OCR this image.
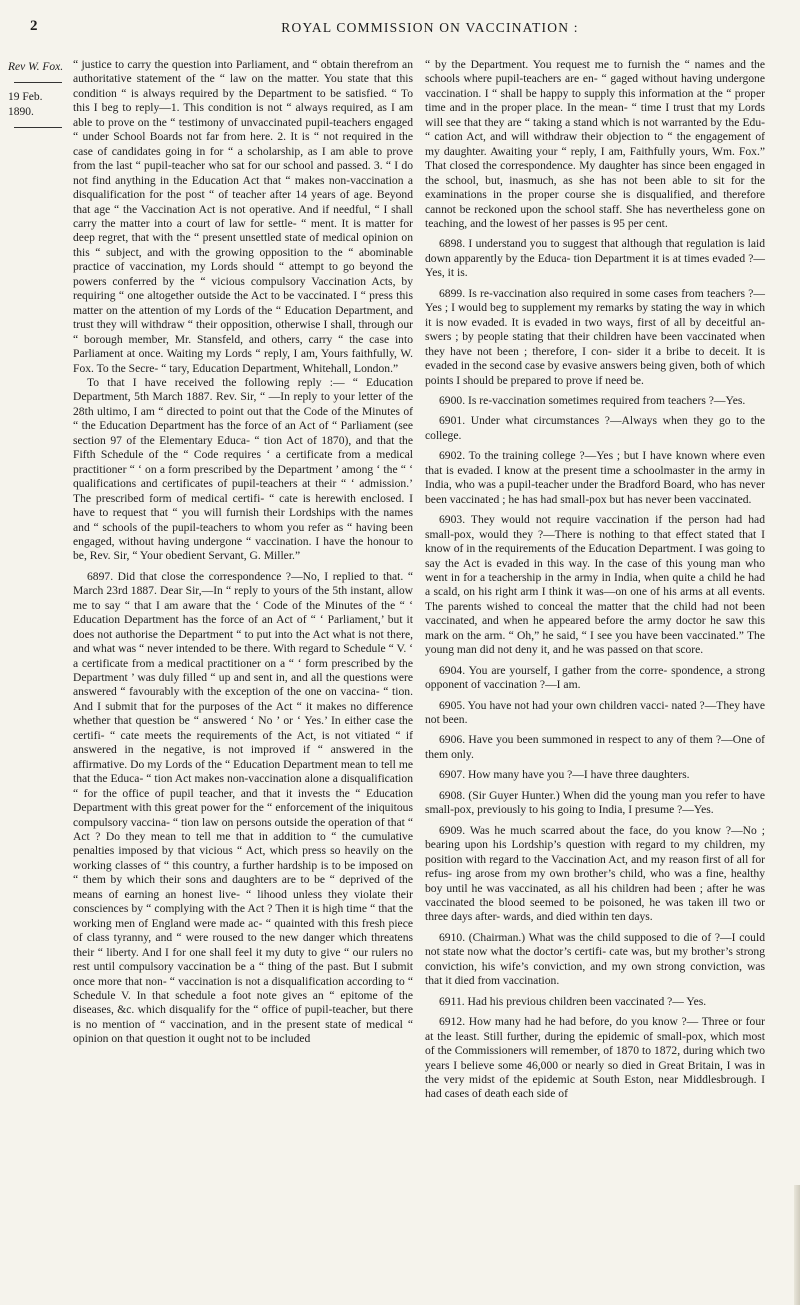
2	ROYAL COMMISSION ON VACCINATION :
Rev W. Fox.
19 Feb. 1890.

“ justice to carry the question into Parliament, and “ obtain therefrom an authoritative statement of the “ law on the matter. You state that this condition “ is always required by the Department to be satisfied. “ To this I beg to reply—1. This condition is not “ always required, as I am able to prove on the “ testimony of unvaccinated pupil-teachers engaged “ under School Boards not far from here. 2. It is “ not required in the case of candidates going in for “ a scholarship, as I am able to prove from the last “ pupil-teacher who sat for our school and passed. 3. “ I do not find anything in the Education Act that “ makes non-vaccination a disqualification for the post “ of teacher after 14 years of age. Beyond that age “ the Vaccination Act is not operative. And if needful, “ I shall carry the matter into a court of law for settle- “ ment. It is matter for deep regret, that with the “ present unsettled state of medical opinion on this “ subject, and with the growing opposition to the “ abominable practice of vaccination, my Lords should “ attempt to go beyond the powers conferred by the “ vicious compulsory Vaccination Acts, by requiring “ one altogether outside the Act to be vaccinated. I “ press this matter on the attention of my Lords of the “ Education Department, and trust they will withdraw “ their opposition, otherwise I shall, through our “ borough member, Mr. Stansfeld, and others, carry “ the case into Parliament at once. Waiting my Lords “ reply, I am, Yours faithfully, W. Fox. To the Secre- “ tary, Education Department, Whitehall, London.”

To that I have received the following reply :— “ Education Department, 5th March 1887. Rev. Sir, “ —In reply to your letter of the 28th ultimo, I am “ directed to point out that the Code of the Minutes of “ the Education Department has the force of an Act of “ Parliament (see section 97 of the Elementary Educa- “ tion Act of 1870), and that the Fifth Schedule of the “ Code requires ‘ a certificate from a medical practitioner “ ‘ on a form prescribed by the Department ’ among ‘ the “ ‘ qualifications and certificates of pupil-teachers at their “ ‘ admission.’ The prescribed form of medical certifi- “ cate is herewith enclosed. I have to request that “ you will furnish their Lordships with the names and “ schools of the pupil-teachers to whom you refer as “ having been engaged, without having undergone “ vaccination. I have the honour to be, Rev. Sir, “ Your obedient Servant, G. Miller.”

6897. Did that close the correspondence ?—No, I replied to that. “ March 23rd 1887. Dear Sir,—In “ reply to yours of the 5th instant, allow me to say “ that I am aware that the ‘ Code of the Minutes of the “ ‘ Education Department has the force of an Act of “ ‘ Parliament,’ but it does not authorise the Department “ to put into the Act what is not there, and what was “ never intended to be there. With regard to Schedule “ V. ‘ a certificate from a medical practitioner on a “ ‘ form prescribed by the Department ’ was duly filled “ up and sent in, and all the questions were answered “ favourably with the exception of the one on vaccina- “ tion. And I submit that for the purposes of the Act “ it makes no difference whether that question be “ answered ‘ No ’ or ‘ Yes.’ In either case the certifi- “ cate meets the requirements of the Act, is not vitiated “ if answered in the negative, is not improved if “ answered in the affirmative. Do my Lords of the “ Education Department mean to tell me that the Educa- “ tion Act makes non-vaccination alone a disqualification “ for the office of pupil teacher, and that it invests the “ Education Department with this great power for the “ enforcement of the iniquitous compulsory vaccina- “ tion law on persons outside the operation of that “ Act ? Do they mean to tell me that in addition to “ the cumulative penalties imposed by that vicious “ Act, which press so heavily on the working classes of “ this country, a further hardship is to be imposed on “ them by which their sons and daughters are to be “ deprived of the means of earning an honest live- “ lihood unless they violate their consciences by “ complying with the Act ? Then it is high time “ that the working men of England were made ac- “ quainted with this fresh piece of class tyranny, and “ were roused to the new danger which threatens their “ liberty. And I for one shall feel it my duty to give “ our rulers no rest until compulsory vaccination be a “ thing of the past. But I submit once more that non- “ vaccination is not a disqualification according to “ Schedule V. In that schedule a foot note gives an “ epitome of the diseases, &c. which disqualify for the “ office of pupil-teacher, but there is no mention of “ vaccination, and in the present state of medical “ opinion on that question it ought not to be included

“ by the Department. You request me to furnish the “ names and the schools where pupil-teachers are en- “ gaged without having undergone vaccination. I “ shall be happy to supply this information at the “ proper time and in the proper place. In the mean- “ time I trust that my Lords will see that they are “ taking a stand which is not warranted by the Edu- “ cation Act, and will withdraw their objection to “ the engagement of my daughter. Awaiting your “ reply, I am, Faithfully yours, Wm. Fox.” That closed the correspondence. My daughter has since been engaged in the school, but, inasmuch, as she has not been able to sit for the examinations in the proper course she is disqualified, and therefore cannot be reckoned upon the school staff. She has nevertheless gone on teaching, and the lowest of her passes is 95 per cent.

6898. I understand you to suggest that although that regulation is laid down apparently by the Educa- tion Department it is at times evaded ?—Yes, it is.

6899. Is re-vaccination also required in some cases from teachers ?—Yes ; I would beg to supplement my remarks by stating the way in which it is now evaded. It is evaded in two ways, first of all by deceitful an- swers ; by people stating that their children have been vaccinated when they have not been ; therefore, I con- sider it a bribe to deceit. It is evaded in the second case by evasive answers being given, both of which points I should be prepared to prove if need be.

6900. Is re-vaccination sometimes required from teachers ?—Yes.

6901. Under what circumstances ?—Always when they go to the college.

6902. To the training college ?—Yes ; but I have known where even that is evaded. I know at the present time a schoolmaster in the army in India, who was a pupil-teacher under the Bradford Board, who has never been vaccinated ; he has had small-pox but has never been vaccinated.

6903. They would not require vaccination if the person had had small-pox, would they ?—There is nothing to that effect stated that I know of in the requirements of the Education Department. I was going to say the Act is evaded in this way. In the case of this young man who went in for a teachership in the army in India, when quite a child he had a scald, on his right arm I think it was—on one of his arms at all events. The parents wished to conceal the matter that the child had not been vaccinated, and when he appeared before the army doctor he saw this mark on the arm. “ Oh,” he said, “ I see you have been vaccinated.” The young man did not deny it, and he was passed on that score.

6904. You are yourself, I gather from the corre- spondence, a strong opponent of vaccination ?—I am.

6905. You have not had your own children vacci- nated ?—They have not been.

6906. Have you been summoned in respect to any of them ?—One of them only.

6907. How many have you ?—I have three daughters.

6908. (Sir Guyer Hunter.) When did the young man you refer to have small-pox, previously to his going to India, I presume ?—Yes.

6909. Was he much scarred about the face, do you know ?—No ; bearing upon his Lordship’s question with regard to my children, my position with regard to the Vaccination Act, and my reason first of all for refus- ing arose from my own brother’s child, who was a fine, healthy boy until he was vaccinated, as all his children had been ; after he was vaccinated the blood seemed to be poisoned, he was taken ill two or three days after- wards, and died within ten days.

6910. (Chairman.) What was the child supposed to die of ?—I could not state now what the doctor’s certifi- cate was, but my brother’s strong conviction, his wife’s conviction, and my own strong conviction, was that it died from vaccination.

6911. Had his previous children been vaccinated ?— Yes.

6912. How many had he had before, do you know ?— Three or four at the least. Still further, during the epidemic of small-pox, which most of the Commissioners will remember, of 1870 to 1872, during which two years I believe some 46,000 or nearly so died in Great Britain, I was in the very midst of the epidemic at South Eston, near Middlesbrough. I had cases of death each side of
